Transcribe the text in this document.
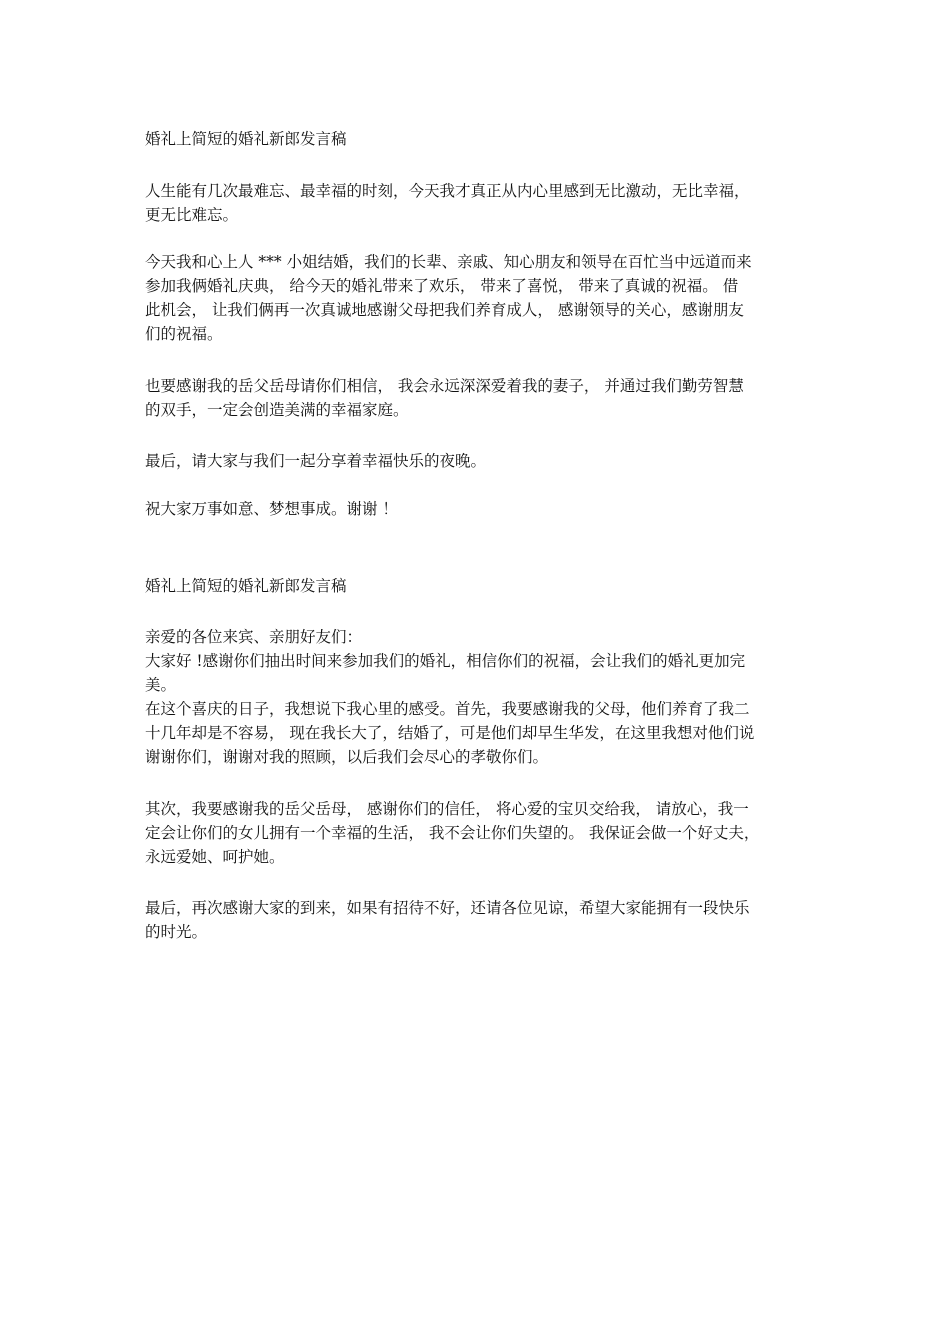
婚礼上简短的婚礼新郎发言稿
人生能有几次最难忘、最幸福的时刻，今天我才真正从内心里感到无比激动，无比幸福，
更无比难忘。
今天我和心上人 *** 小姐结婚，我们的长辈、亲戚、知心朋友和领导在百忙当中远道而来
参加我俩婚礼庆典， 给今天的婚礼带来了欢乐， 带来了喜悦， 带来了真诚的祝福。 借
此机会， 让我们俩再一次真诚地感谢父母把我们养育成人， 感谢领导的关心，感谢朋友
们的祝福。
也要感谢我的岳父岳母请你们相信， 我会永远深深爱着我的妻子， 并通过我们勤劳智慧
的双手，一定会创造美满的幸福家庭。
最后，请大家与我们一起分享着幸福快乐的夜晚。
祝大家万事如意、梦想事成。谢谢 ！
婚礼上简短的婚礼新郎发言稿
亲爱的各位来宾、亲朋好友们：
大家好 !感谢你们抽出时间来参加我们的婚礼，相信你们的祝福，会让我们的婚礼更加完
美。
在这个喜庆的日子，我想说下我心里的感受。首先，我要感谢我的父母，他们养育了我二
十几年却是不容易， 现在我长大了，结婚了，可是他们却早生华发，在这里我想对他们说
谢谢你们，谢谢对我的照顾，以后我们会尽心的孝敬你们。
其次，我要感谢我的岳父岳母， 感谢你们的信任， 将心爱的宝贝交给我， 请放心，我一
定会让你们的女儿拥有一个幸福的生活， 我不会让你们失望的。 我保证会做一个好丈夫，
永远爱她、呵护她。
最后，再次感谢大家的到来，如果有招待不好，还请各位见谅，希望大家能拥有一段快乐
的时光。
